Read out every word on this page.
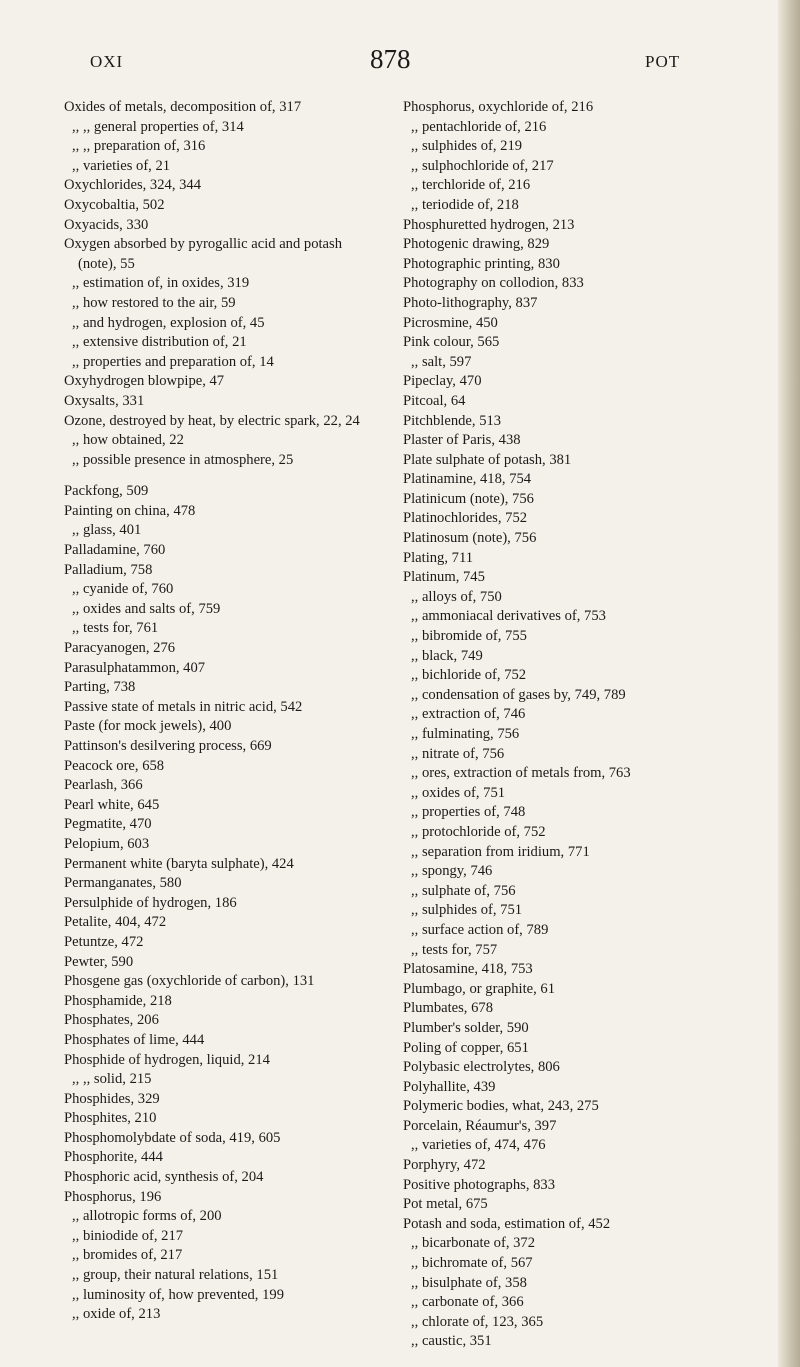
OXI	878	POT
Oxides of metals, decomposition of, 317
,, ,, general properties of, 314
,, ,, preparation of, 316
,, varieties of, 21
Oxychlorides, 324, 344
Oxycobaltia, 502
Oxyacids, 330
Oxygen absorbed by pyrogallic acid and potash (note), 55
,, estimation of, in oxides, 319
,, how restored to the air, 59
,, and hydrogen, explosion of, 45
,, extensive distribution of, 21
,, properties and preparation of, 14
Oxyhydrogen blowpipe, 47
Oxysalts, 331
Ozone, destroyed by heat, by electric spark, 22, 24
,, how obtained, 22
,, possible presence in atmosphere, 25
Packfong, 509
Painting on china, 478
,, glass, 401
Palladamine, 760
Palladium, 758
,, cyanide of, 760
,, oxides and salts of, 759
,, tests for, 761
Paracyanogen, 276
Parasulphatammon, 407
Parting, 738
Passive state of metals in nitric acid, 542
Paste (for mock jewels), 400
Pattinson's desilvering process, 669
Peacock ore, 658
Pearlash, 366
Pearl white, 645
Pegmatite, 470
Pelopium, 603
Permanent white (baryta sulphate), 424
Permanganates, 580
Persulphide of hydrogen, 186
Petalite, 404, 472
Petuntze, 472
Pewter, 590
Phosgene gas (oxychloride of carbon), 131
Phosphamide, 218
Phosphates, 206
Phosphates of lime, 444
Phosphide of hydrogen, liquid, 214
,, ,, solid, 215
Phosphides, 329
Phosphites, 210
Phosphomolybdate of soda, 419, 605
Phosphorite, 444
Phosphoric acid, synthesis of, 204
Phosphorus, 196
,, allotropic forms of, 200
,, biniodide of, 217
,, bromides of, 217
,, group, their natural relations, 151
,, luminosity of, how prevented, 199
,, oxide of, 213
Phosphorus, oxychloride of, 216
,, pentachloride of, 216
,, sulphides of, 219
,, sulphochloride of, 217
,, terchloride of, 216
,, teriodide of, 218
Phosphuretted hydrogen, 213
Photogenic drawing, 829
Photographic printing, 830
Photography on collodion, 833
Photo-lithography, 837
Picrosmine, 450
Pink colour, 565
,, salt, 597
Pipeclay, 470
Pitcoal, 64
Pitchblende, 513
Plaster of Paris, 438
Plate sulphate of potash, 381
Platinamine, 418, 754
Platinicum (note), 756
Platinochlorides, 752
Platinosum (note), 756
Plating, 711
Platinum, 745
,, alloys of, 750
,, ammoniacal derivatives of, 753
,, bibromide of, 755
,, black, 749
,, bichloride of, 752
,, condensation of gases by, 749, 789
,, extraction of, 746
,, fulminating, 756
,, nitrate of, 756
,, ores, extraction of metals from, 763
,, oxides of, 751
,, properties of, 748
,, protochloride of, 752
,, separation from iridium, 771
,, spongy, 746
,, sulphate of, 756
,, sulphides of, 751
,, surface action of, 789
,, tests for, 757
Platosamine, 418, 753
Plumbago, or graphite, 61
Plumbates, 678
Plumber's solder, 590
Poling of copper, 651
Polybasic electrolytes, 806
Polyhallite, 439
Polymeric bodies, what, 243, 275
Porcelain, Réaumur's, 397
,, varieties of, 474, 476
Porphyry, 472
Positive photographs, 833
Pot metal, 675
Potash and soda, estimation of, 452
,, bicarbonate of, 372
,, bichromate of, 567
,, bisulphate of, 358
,, carbonate of, 366
,, chlorate of, 123, 365
,, caustic, 351
